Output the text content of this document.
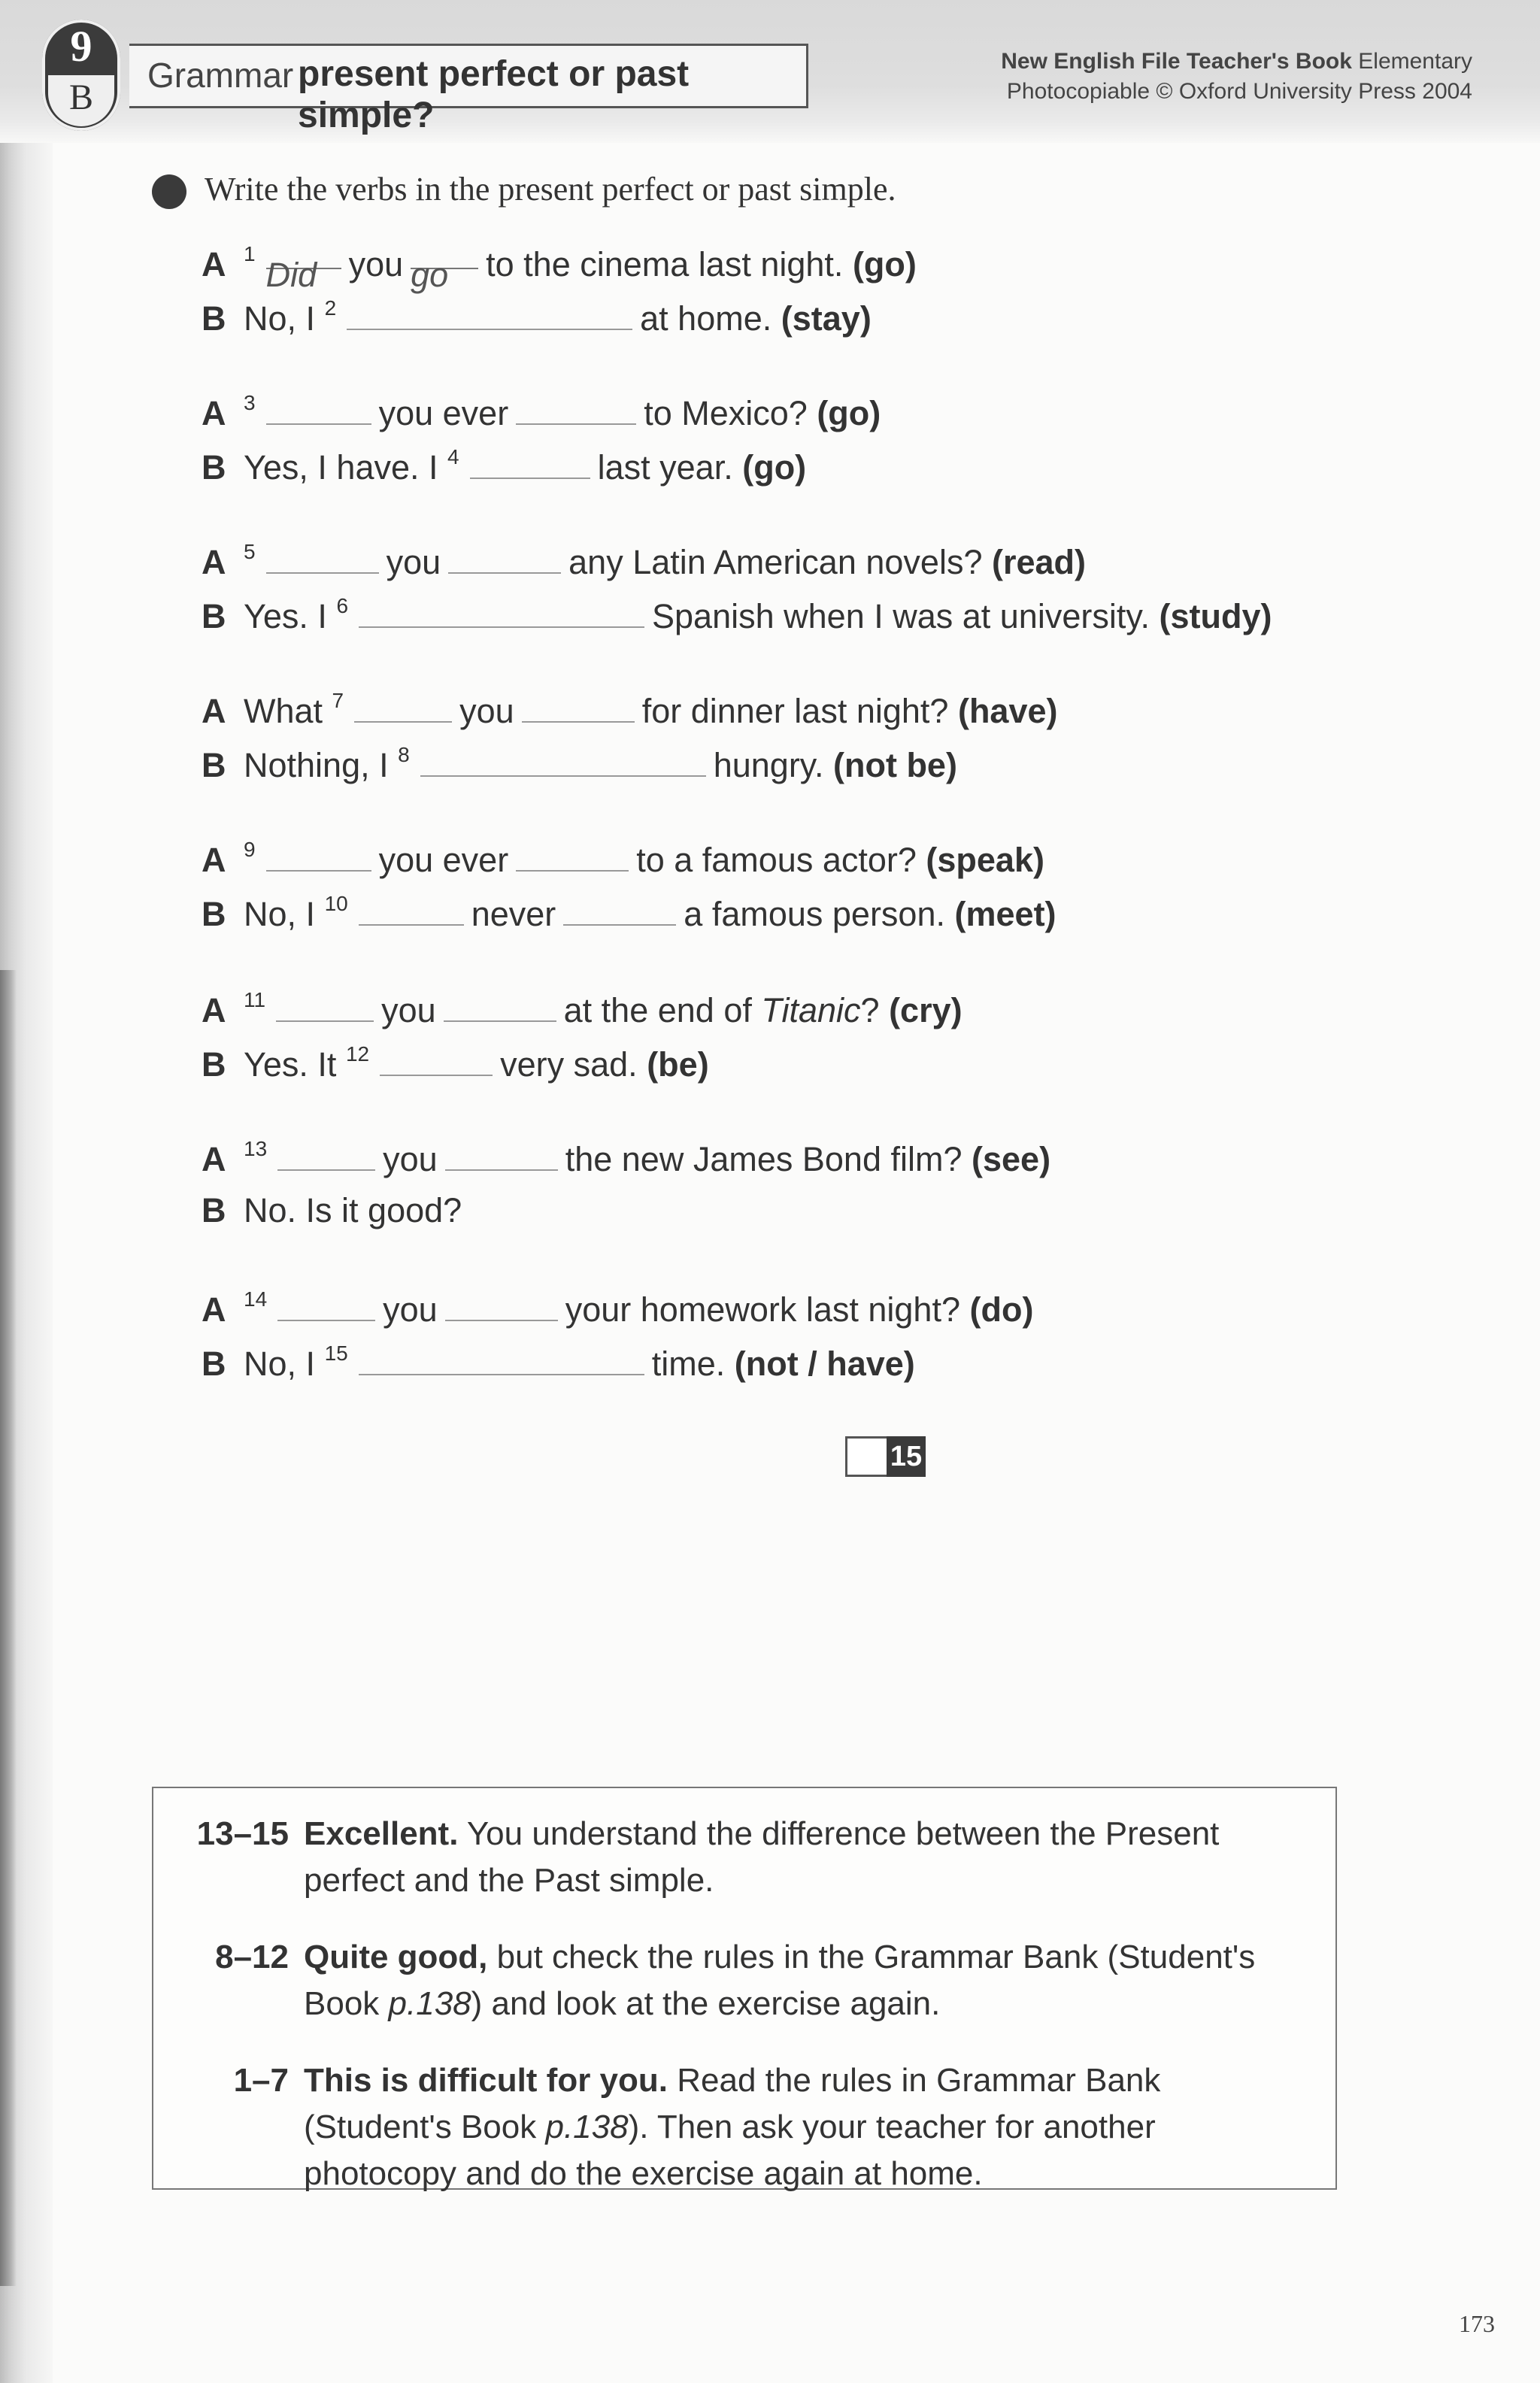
9
B
Grammar present perfect or past simple?
New English File Teacher's Book Elementary
Photocopiable © Oxford University Press 2004
Write the verbs in the present perfect or past simple.
A $^1$Did you go to the cinema last night. (go)
B No, I $^2$	at home. (stay)
A $^3$	you ever	to Mexico? (go)
B Yes, I have. I $^4$	last year. (go)
A $^5$	you	any Latin American novels? (read)
B Yes. I $^6$	Spanish when I was at university. (study)
A What $^7$	you	for dinner last night? (have)
B Nothing, I $^8$	hungry. (not be)
A $^9$	you ever	to a famous actor? (speak)
B No, I $^{10}$	never	a famous person. (meet)
A $^{11}$	you	at the end of Titanic? (cry)
B Yes. It $^{12}$	very sad. (be)
A $^{13}$	you	the new James Bond film? (see)
B No. Is it good?
A $^{14}$	you	your homework last night? (do)
B No, I $^{15}$	time. (not / have)
15
13–15 Excellent. You understand the difference between the Present
perfect and the Past simple.
8–12 Quite good, but check the rules in the Grammar Bank (Student's
Book p.138) and look at the exercise again.
1–7 This is difficult for you. Read the rules in Grammar Bank
(Student's Book p.138). Then ask your teacher for another
photocopy and do the exercise again at home.
173
